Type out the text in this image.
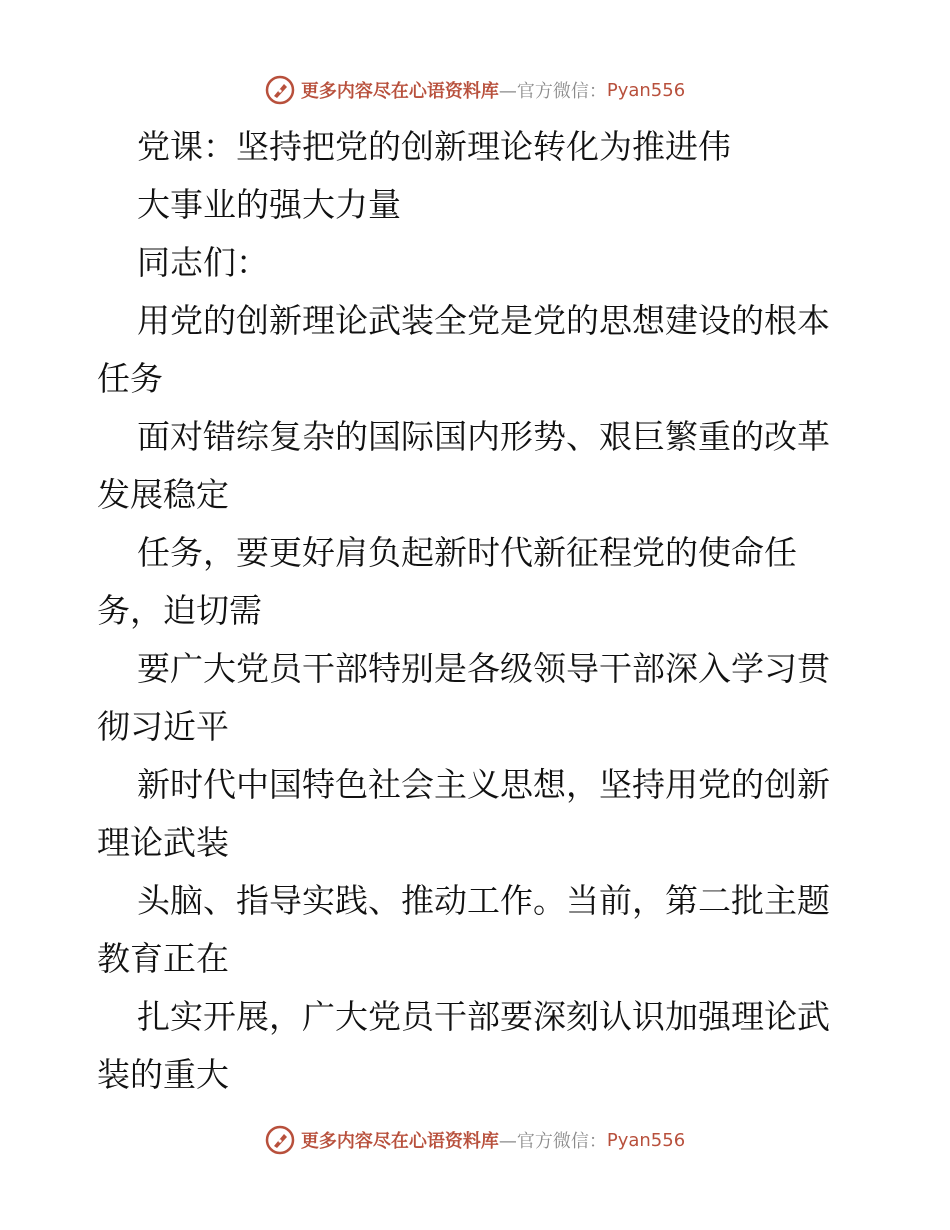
更多内容尽在心语资料库 —官方微信： Pyan556
党课：坚持把党的创新理论转化为推进伟
大事业的强大力量
同志们：
用党的创新理论武装全党是党的思想建设的根本
任务
面对错综复杂的国际国内形势、艰巨繁重的改革
发展稳定
任务，要更好肩负起新时代新征程党的使命任
务，迫切需
要广大党员干部特别是各级领导干部深入学习贯
彻习近平
新时代中国特色社会主义思想，坚持用党的创新
理论武装
头脑、指导实践、推动工作。当前，第二批主题
教育正在
扎实开展，广大党员干部要深刻认识加强理论武
装的重大
更多内容尽在心语资料库 —官方微信： Pyan556
